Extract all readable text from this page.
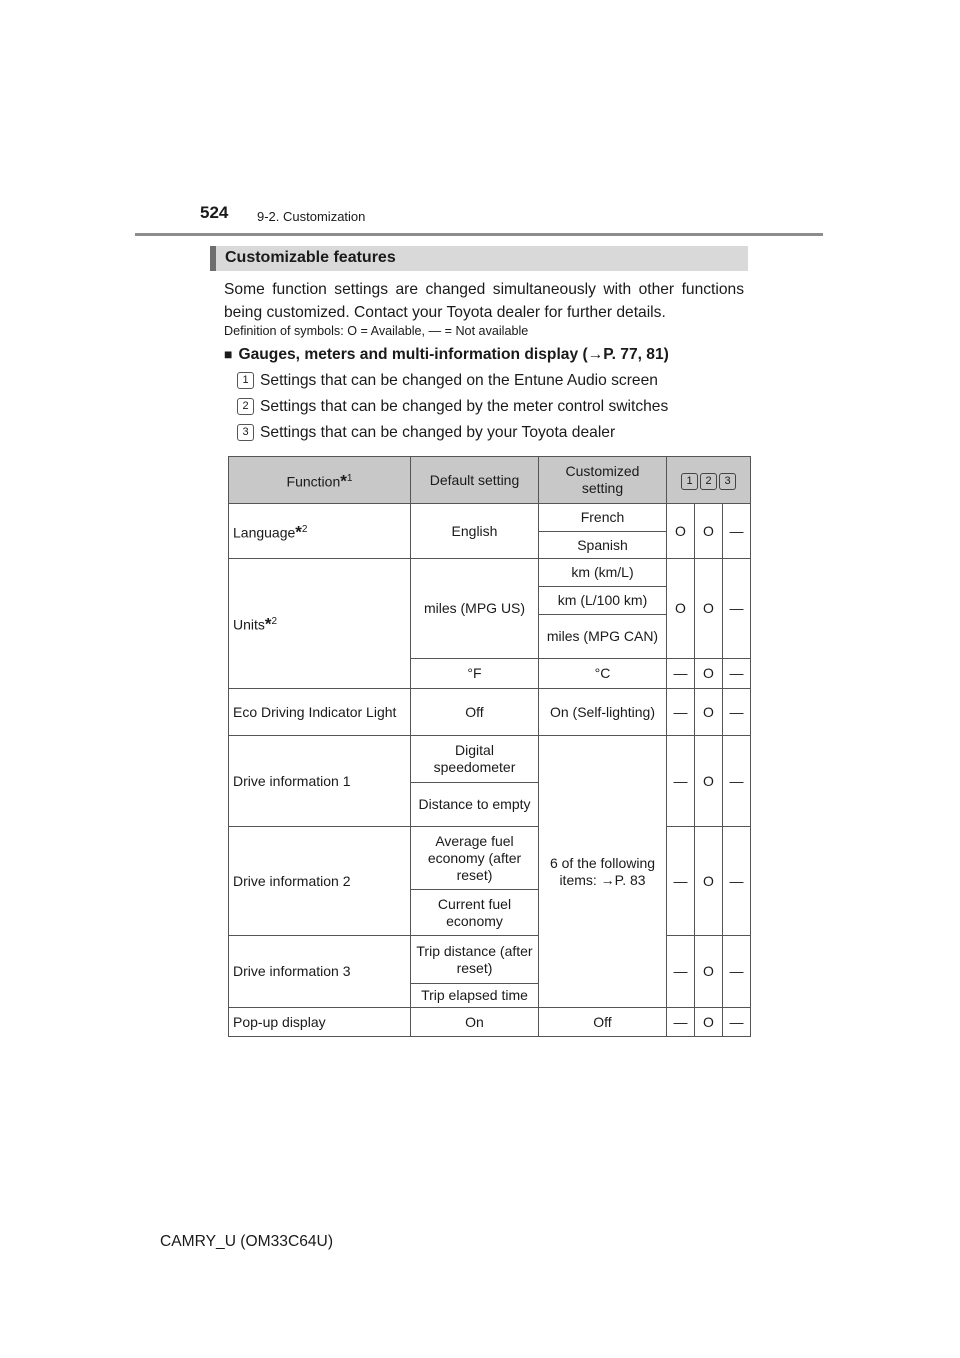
524 9-2. Customization
Customizable features
Some function settings are changed simultaneously with other functions being customized. Contact your Toyota dealer for further details.
Definition of symbols: O = Available, — = Not available
■ Gauges, meters and multi-information display (→P. 77, 81)
1 Settings that can be changed on the Entune Audio screen
2 Settings that can be changed by the meter control switches
3 Settings that can be changed by your Toyota dealer
Function*$^1$	Default setting	Customized setting	1 2 3		
Language*$^2$	English	French	O	O	—
		Spanish			
Units*$^2$	miles (MPG US)	km (km/L)	O	O	—
		km (L/100 km)			
		miles (MPG CAN)			
	°F	°C	—	O	—
Eco Driving Indicator Light	Off	On (Self-lighting)	—	O	—
Drive information 1	Digital speedometer	6 of the following items: →P. 83	—	O	—
	Distance to empty				
Drive information 2	Average fuel economy (after reset)		—	O	—
	Current fuel economy				
Drive information 3	Trip distance (after reset)		—	O	—
	Trip elapsed time				
Pop-up display	On	Off	—	O	—
CAMRY_U (OM33C64U)
